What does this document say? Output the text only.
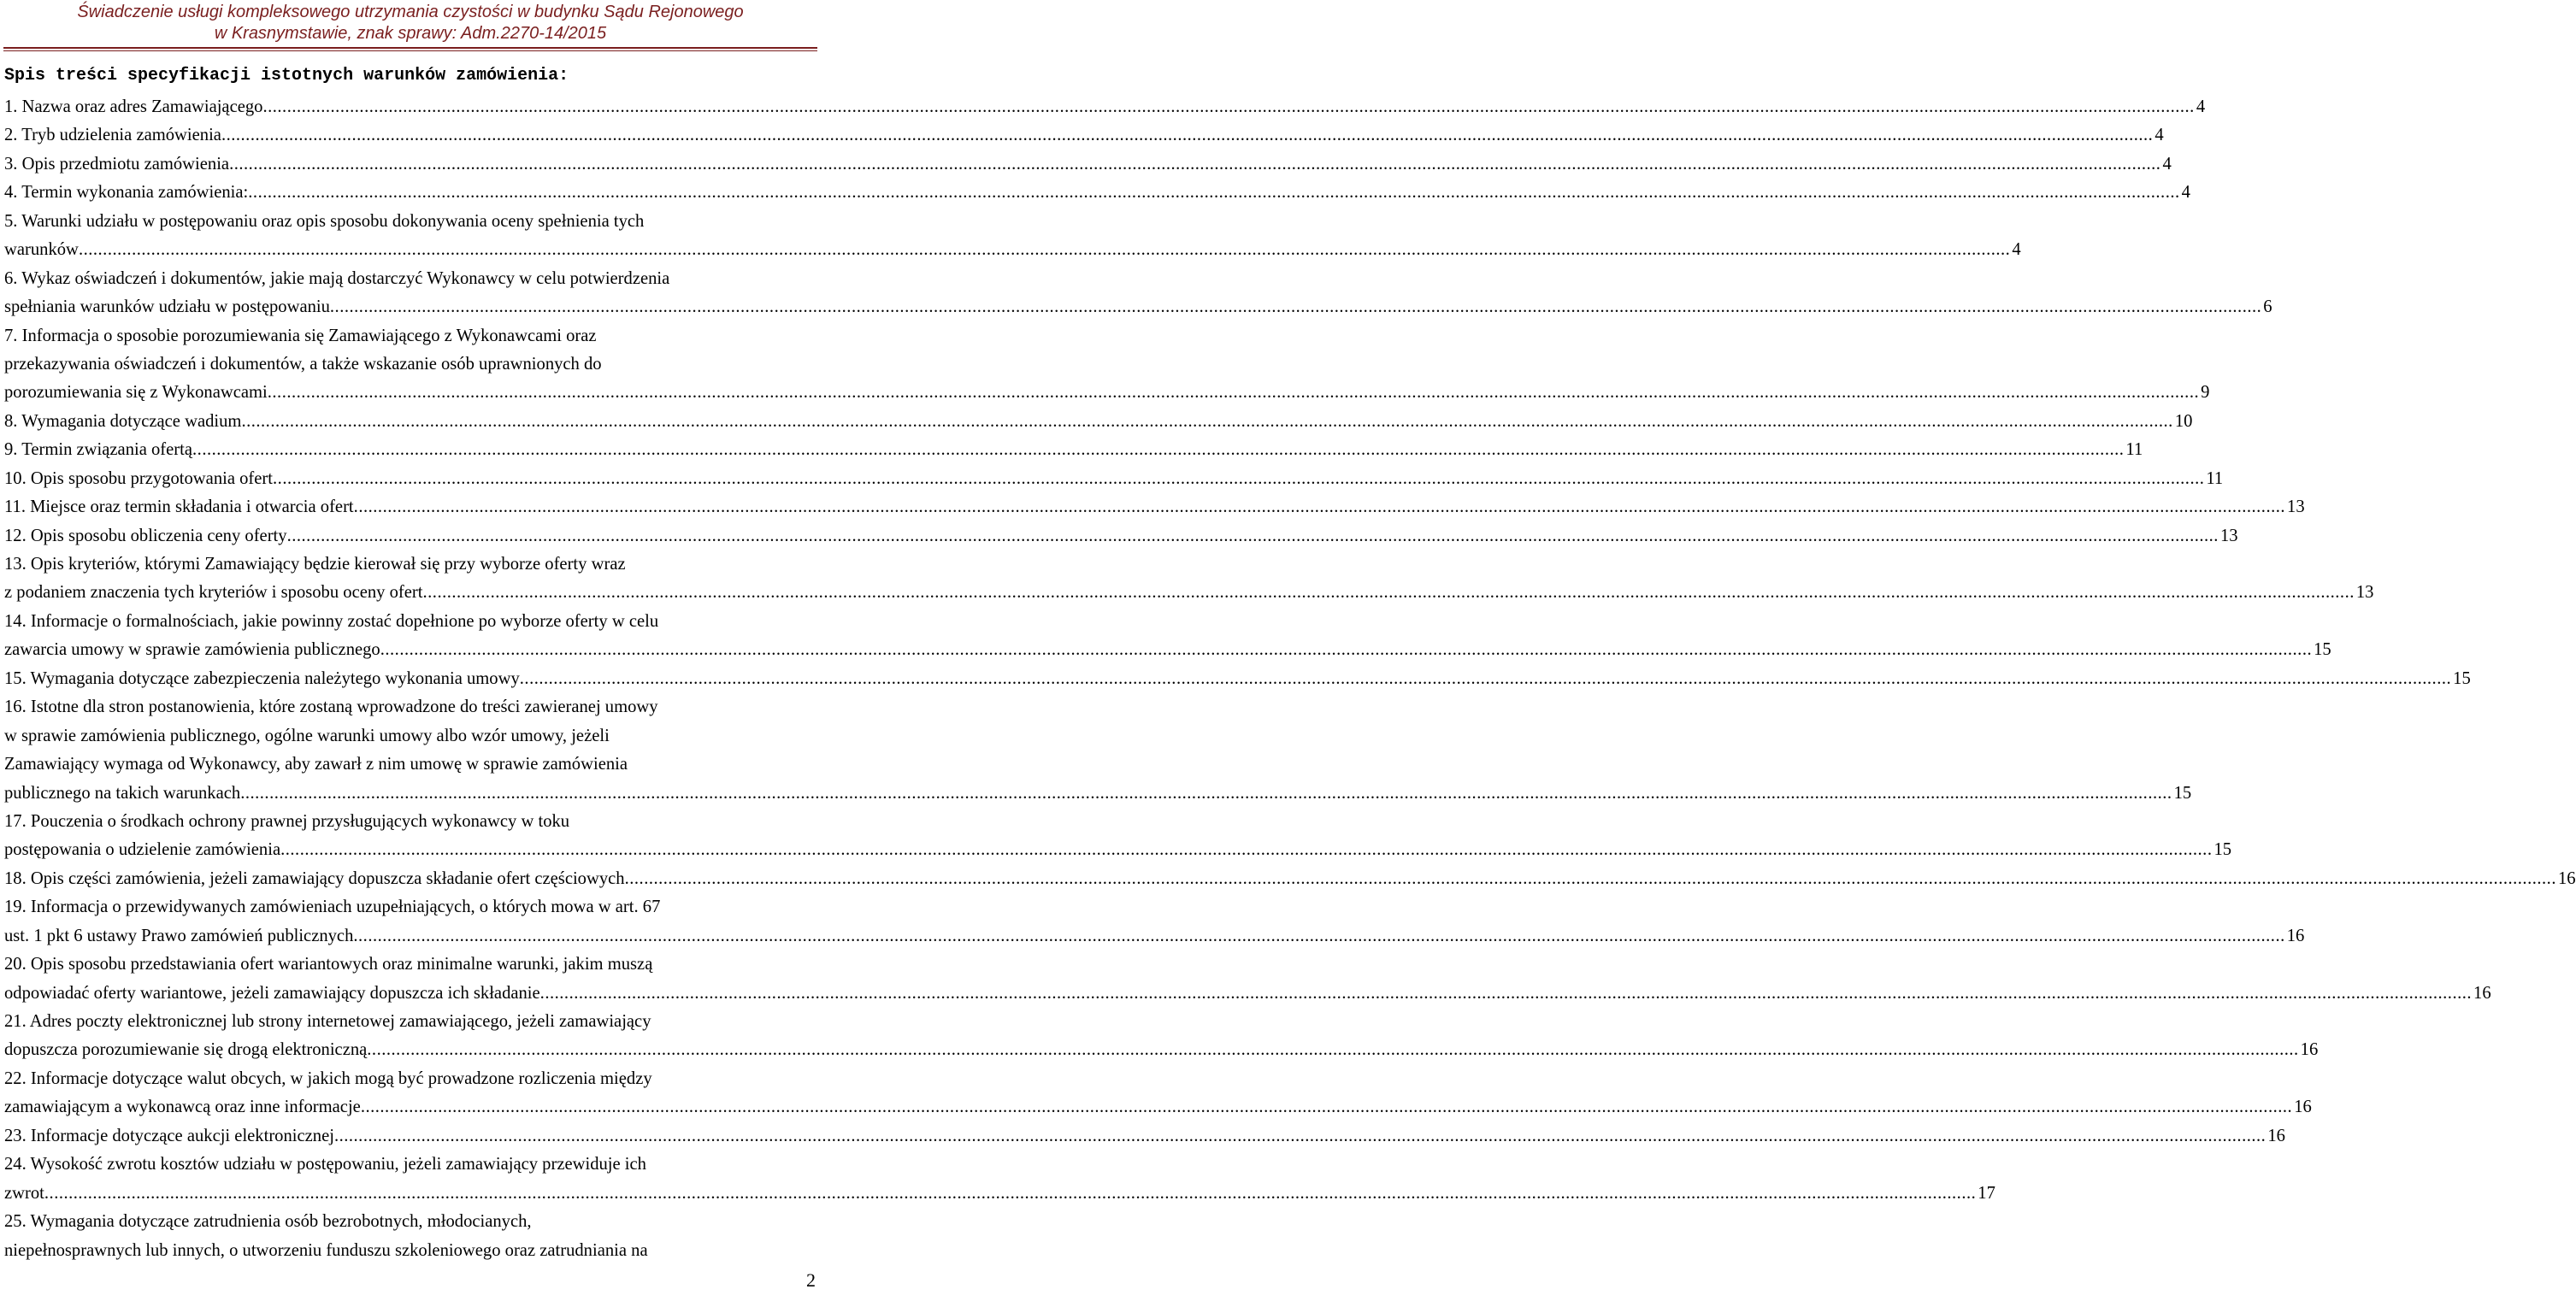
Świadczenie usługi kompleksowego utrzymania czystości w budynku Sądu Rejonowego
w Krasnymstawie, znak sprawy: Adm.2270-14/2015
Spis treści specyfikacji istotnych warunków zamówienia:
1. Nazwa oraz adres Zamawiającego ................................................................................................................................................................................................................................................................................................................................................................................................................ 4
2. Tryb udzielenia zamówienia ................................................................................................................................................................................................................................................................................................................................................................................................................ 4
3. Opis przedmiotu zamówienia ................................................................................................................................................................................................................................................................................................................................................................................................................ 4
4. Termin wykonania zamówienia: ................................................................................................................................................................................................................................................................................................................................................................................................................ 4
5. Warunki udziału w postępowaniu oraz opis sposobu dokonywania oceny spełnienia tych
warunków ................................................................................................................................................................................................................................................................................................................................................................................................................ 4
6. Wykaz oświadczeń i dokumentów, jakie mają dostarczyć Wykonawcy w celu potwierdzenia
spełniania warunków udziału w postępowaniu ................................................................................................................................................................................................................................................................................................................................................................................................................ 6
7. Informacja o sposobie porozumiewania się Zamawiającego z Wykonawcami oraz
przekazywania oświadczeń i dokumentów, a także wskazanie osób uprawnionych do
porozumiewania się z Wykonawcami ................................................................................................................................................................................................................................................................................................................................................................................................................ 9
8. Wymagania dotyczące wadium ................................................................................................................................................................................................................................................................................................................................................................................................................ 10
9. Termin związania ofertą ................................................................................................................................................................................................................................................................................................................................................................................................................ 11
10. Opis sposobu przygotowania ofert ................................................................................................................................................................................................................................................................................................................................................................................................................ 11
11. Miejsce oraz termin składania i otwarcia ofert ................................................................................................................................................................................................................................................................................................................................................................................................................ 13
12. Opis sposobu obliczenia ceny oferty ................................................................................................................................................................................................................................................................................................................................................................................................................ 13
13. Opis kryteriów, którymi Zamawiający będzie kierował się przy wyborze oferty wraz
z podaniem znaczenia tych kryteriów i sposobu oceny ofert ................................................................................................................................................................................................................................................................................................................................................................................................................ 13
14. Informacje o formalnościach, jakie powinny zostać dopełnione po wyborze oferty w celu
zawarcia umowy w sprawie zamówienia publicznego ................................................................................................................................................................................................................................................................................................................................................................................................................ 15
15. Wymagania dotyczące zabezpieczenia należytego wykonania umowy ................................................................................................................................................................................................................................................................................................................................................................................................................ 15
16. Istotne dla stron postanowienia, które zostaną wprowadzone do treści zawieranej umowy
w sprawie zamówienia publicznego, ogólne warunki umowy albo wzór umowy, jeżeli
Zamawiający wymaga od Wykonawcy, aby zawarł z nim umowę w sprawie zamówienia
publicznego na takich warunkach ................................................................................................................................................................................................................................................................................................................................................................................................................ 15
17. Pouczenia o środkach ochrony prawnej przysługujących wykonawcy w toku
postępowania o udzielenie zamówienia ................................................................................................................................................................................................................................................................................................................................................................................................................ 15
18. Opis części zamówienia, jeżeli zamawiający dopuszcza składanie ofert częściowych ................................................................................................................................................................................................................................................................................................................................................................................................................ 16
19. Informacja o przewidywanych zamówieniach uzupełniających, o których mowa w art. 67
ust. 1 pkt 6 ustawy Prawo zamówień publicznych ................................................................................................................................................................................................................................................................................................................................................................................................................ 16
20. Opis sposobu przedstawiania ofert wariantowych oraz minimalne warunki, jakim muszą
odpowiadać oferty wariantowe, jeżeli zamawiający dopuszcza ich składanie ................................................................................................................................................................................................................................................................................................................................................................................................................ 16
21. Adres poczty elektronicznej lub strony internetowej zamawiającego, jeżeli zamawiający
dopuszcza porozumiewanie się drogą elektroniczną ................................................................................................................................................................................................................................................................................................................................................................................................................ 16
22. Informacje dotyczące walut obcych, w jakich mogą być prowadzone rozliczenia między
zamawiającym a wykonawcą oraz inne informacje ................................................................................................................................................................................................................................................................................................................................................................................................................ 16
23. Informacje dotyczące aukcji elektronicznej ................................................................................................................................................................................................................................................................................................................................................................................................................ 16
24. Wysokość zwrotu kosztów udziału w postępowaniu, jeżeli zamawiający przewiduje ich
zwrot ................................................................................................................................................................................................................................................................................................................................................................................................................ 17
25. Wymagania dotyczące zatrudnienia osób bezrobotnych, młodocianych,
niepełnosprawnych lub innych, o utworzeniu funduszu szkoleniowego oraz zatrudniania na
2
